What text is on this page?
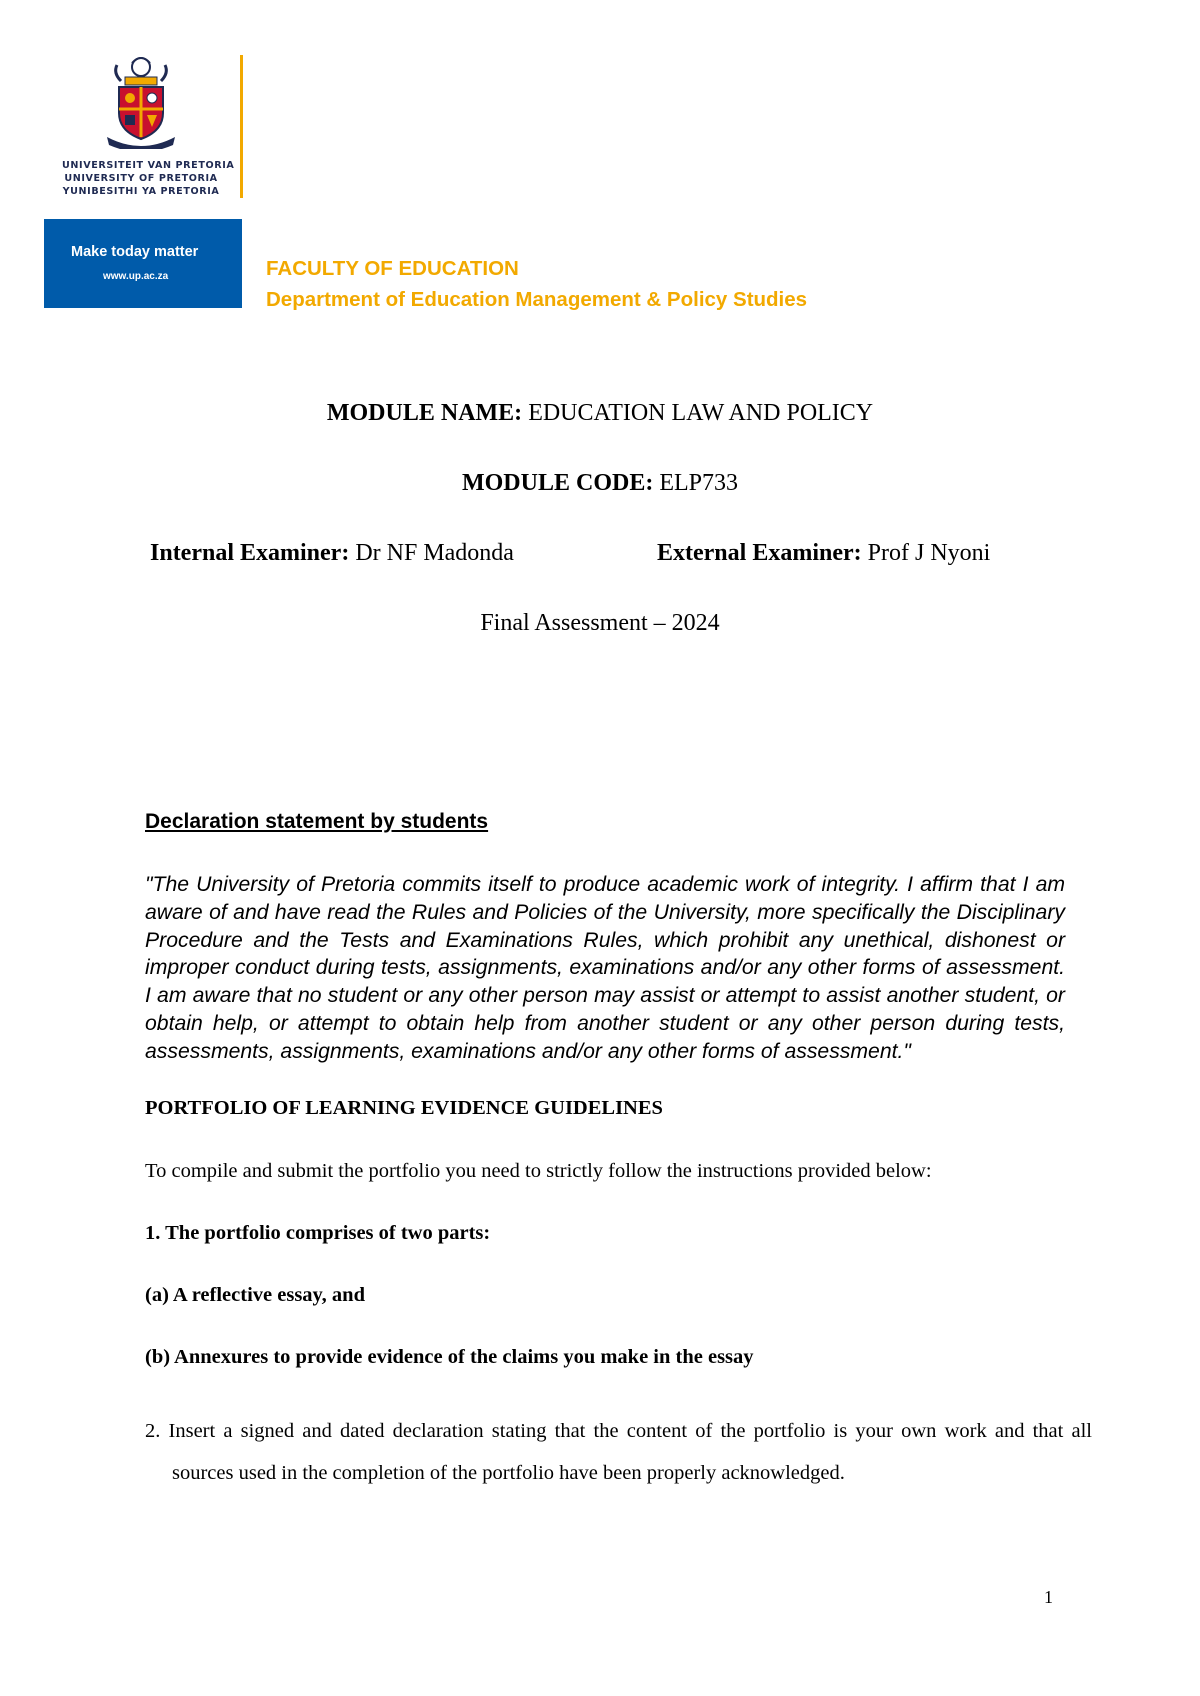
UNIVERSITEIT VAN PRETORIA
UNIVERSITY OF PRETORIA
YUNIBESITHI YA PRETORIA
Make today matter
www.up.ac.za	FACULTY OF EDUCATION
Department of Education Management & Policy Studies
MODULE NAME: EDUCATION LAW AND POLICY
MODULE CODE: ELP733
Internal Examiner: Dr NF Madonda	External Examiner: Prof J Nyoni
Final Assessment – 2024
Declaration statement by students

"The University of Pretoria commits itself to produce academic work of integrity. I affirm that I am aware of and have read the Rules and Policies of the University, more specifically the Disciplinary Procedure and the Tests and Examinations Rules, which prohibit any unethical, dishonest or improper conduct during tests, assignments, examinations and/or any other forms of assessment. I am aware that no student or any other person may assist or attempt to assist another student, or obtain help, or attempt to obtain help from another student or any other person during tests, assessments, assignments, examinations and/or any other forms of assessment."

PORTFOLIO OF LEARNING EVIDENCE GUIDELINES
To compile and submit the portfolio you need to strictly follow the instructions provided below:
1. The portfolio comprises of two parts:
(a) A reflective essay, and
(b) Annexures to provide evidence of the claims you make in the essay

2. Insert a signed and dated declaration stating that the content of the portfolio is your own work and that all sources used in the completion of the portfolio have been properly acknowledged.

1
